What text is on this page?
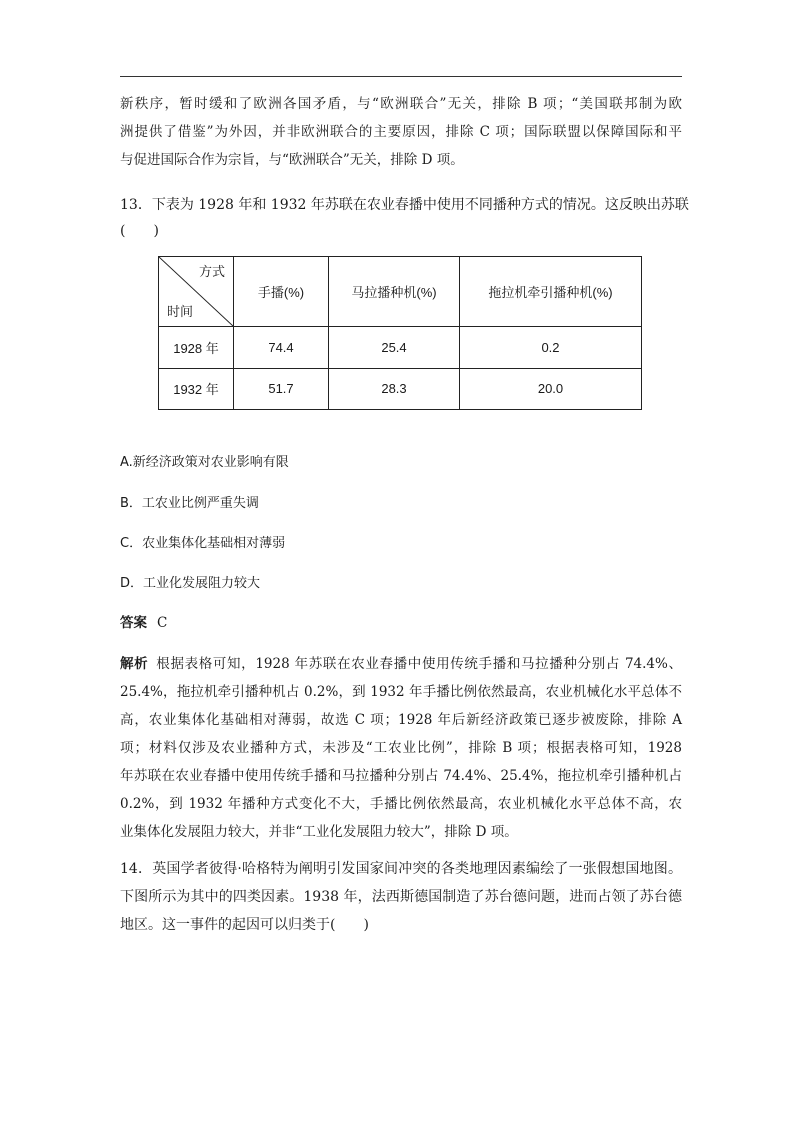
新秩序，暂时缓和了欧洲各国矛盾，与“欧洲联合”无关，排除 B 项；“美国联邦制为欧
洲提供了借鉴”为外因，并非欧洲联合的主要原因，排除 C 项；国际联盟以保障国际和平
与促进国际合作为宗旨，与“欧洲联合”无关，排除 D 项。
13．下表为 1928 年和 1932 年苏联在农业春播中使用不同播种方式的情况。这反映出苏联
(　　)
方式
时间	手播(%)	马拉播种机(%)	拖拉机牵引播种机(%)
1928 年	74.4	25.4	0.2
1932 年	51.7	28.3	20.0
A.新经济政策对农业影响有限
B．工农业比例严重失调
C．农业集体化基础相对薄弱
D．工业化发展阻力较大
答案 C
解析 根据表格可知，1928 年苏联在农业春播中使用传统手播和马拉播种分别占 74.4%、
25.4%，拖拉机牵引播种机占 0.2%，到 1932 年手播比例依然最高，农业机械化水平总体不
高，农业集体化基础相对薄弱，故选 C 项；1928 年后新经济政策已逐步被废除，排除 A
项；材料仅涉及农业播种方式，未涉及“工农业比例”，排除 B 项；根据表格可知，1928
年苏联在农业春播中使用传统手播和马拉播种分别占 74.4%、25.4%，拖拉机牵引播种机占
0.2%，到 1932 年播种方式变化不大，手播比例依然最高，农业机械化水平总体不高，农
业集体化发展阻力较大，并非“工业化发展阻力较大”，排除 D 项。
14．英国学者彼得·哈格特为阐明引发国家间冲突的各类地理因素编绘了一张假想国地图。
下图所示为其中的四类因素。1938 年，法西斯德国制造了苏台德问题，进而占领了苏台德
地区。这一事件的起因可以归类于(　　)
